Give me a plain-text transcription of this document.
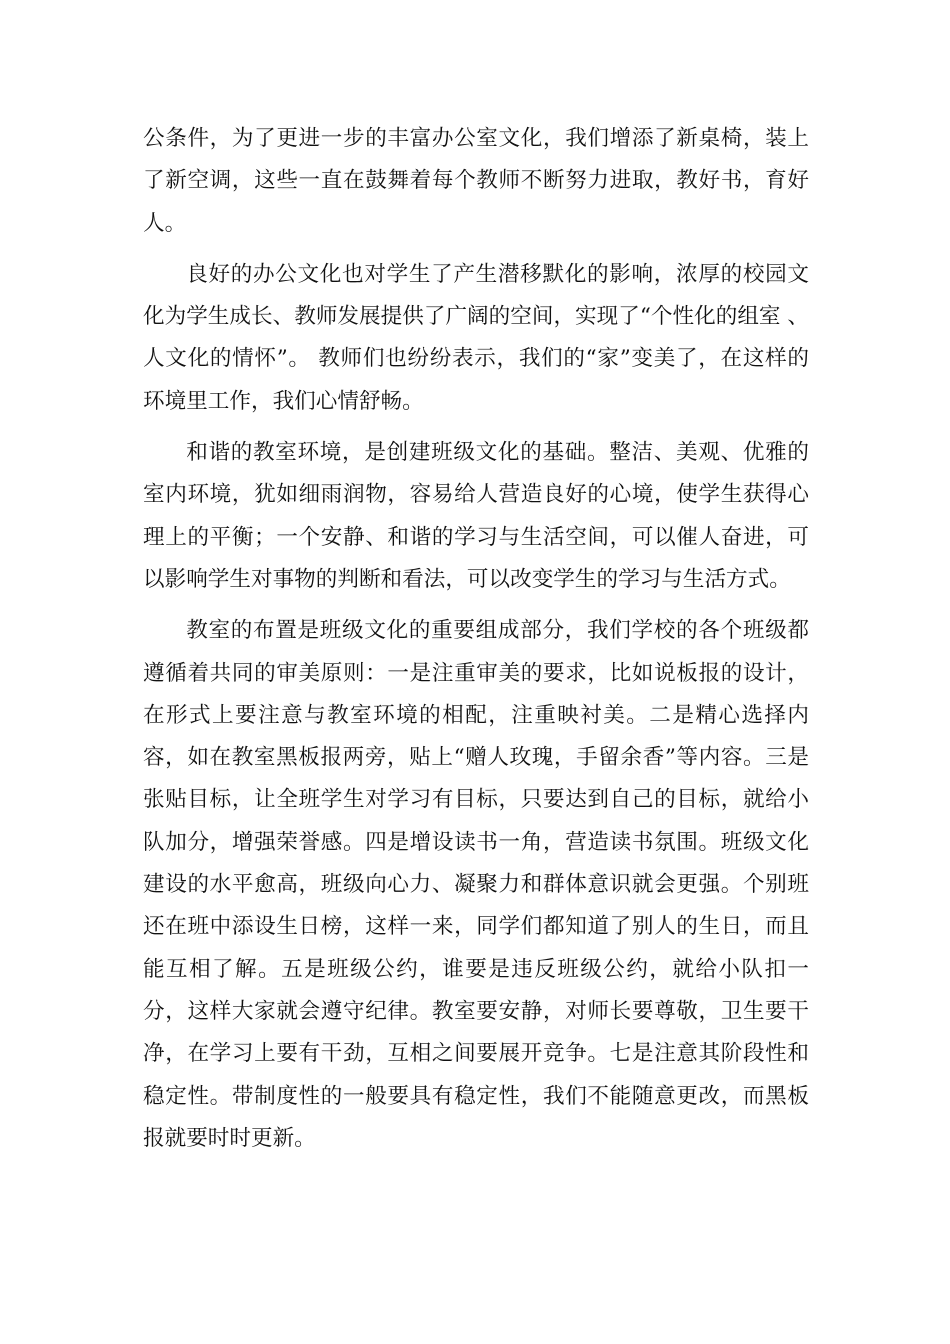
公条件，为了更进一步的丰富办公室文化，我们增添了新桌椅，装上了新空调，这些一直在鼓舞着每个教师不断努力进取，教好书，育好人。

良好的办公文化也对学生了产生潜移默化的影响，浓厚的校园文化为学生成长、教师发展提供了广阔的空间，实现了“个性化的组室 、人文化的情怀”。 教师们也纷纷表示，我们的“家”变美了，在这样的环境里工作，我们心情舒畅。

和谐的教室环境，是创建班级文化的基础。整洁、美观、优雅的室内环境，犹如细雨润物，容易给人营造良好的心境，使学生获得心理上的平衡；一个安静、和谐的学习与生活空间，可以催人奋进，可以影响学生对事物的判断和看法，可以改变学生的学习与生活方式。

教室的布置是班级文化的重要组成部分，我们学校的各个班级都遵循着共同的审美原则：一是注重审美的要求，比如说板报的设计，在形式上要注意与教室环境的相配，注重映衬美。二是精心选择内容，如在教室黑板报两旁，贴上“赠人玫瑰，手留余香”等内容。三是张贴目标，让全班学生对学习有目标，只要达到自己的目标，就给小队加分，增强荣誉感。四是增设读书一角，营造读书氛围。班级文化建设的水平愈高，班级向心力、凝聚力和群体意识就会更强。个别班还在班中添设生日榜，这样一来，同学们都知道了别人的生日，而且能互相了解。五是班级公约，谁要是违反班级公约，就给小队扣一分，这样大家就会遵守纪律。教室要安静，对师长要尊敬，卫生要干净，在学习上要有干劲，互相之间要展开竞争。七是注意其阶段性和稳定性。带制度性的一般要具有稳定性，我们不能随意更改，而黑板报就要时时更新。
